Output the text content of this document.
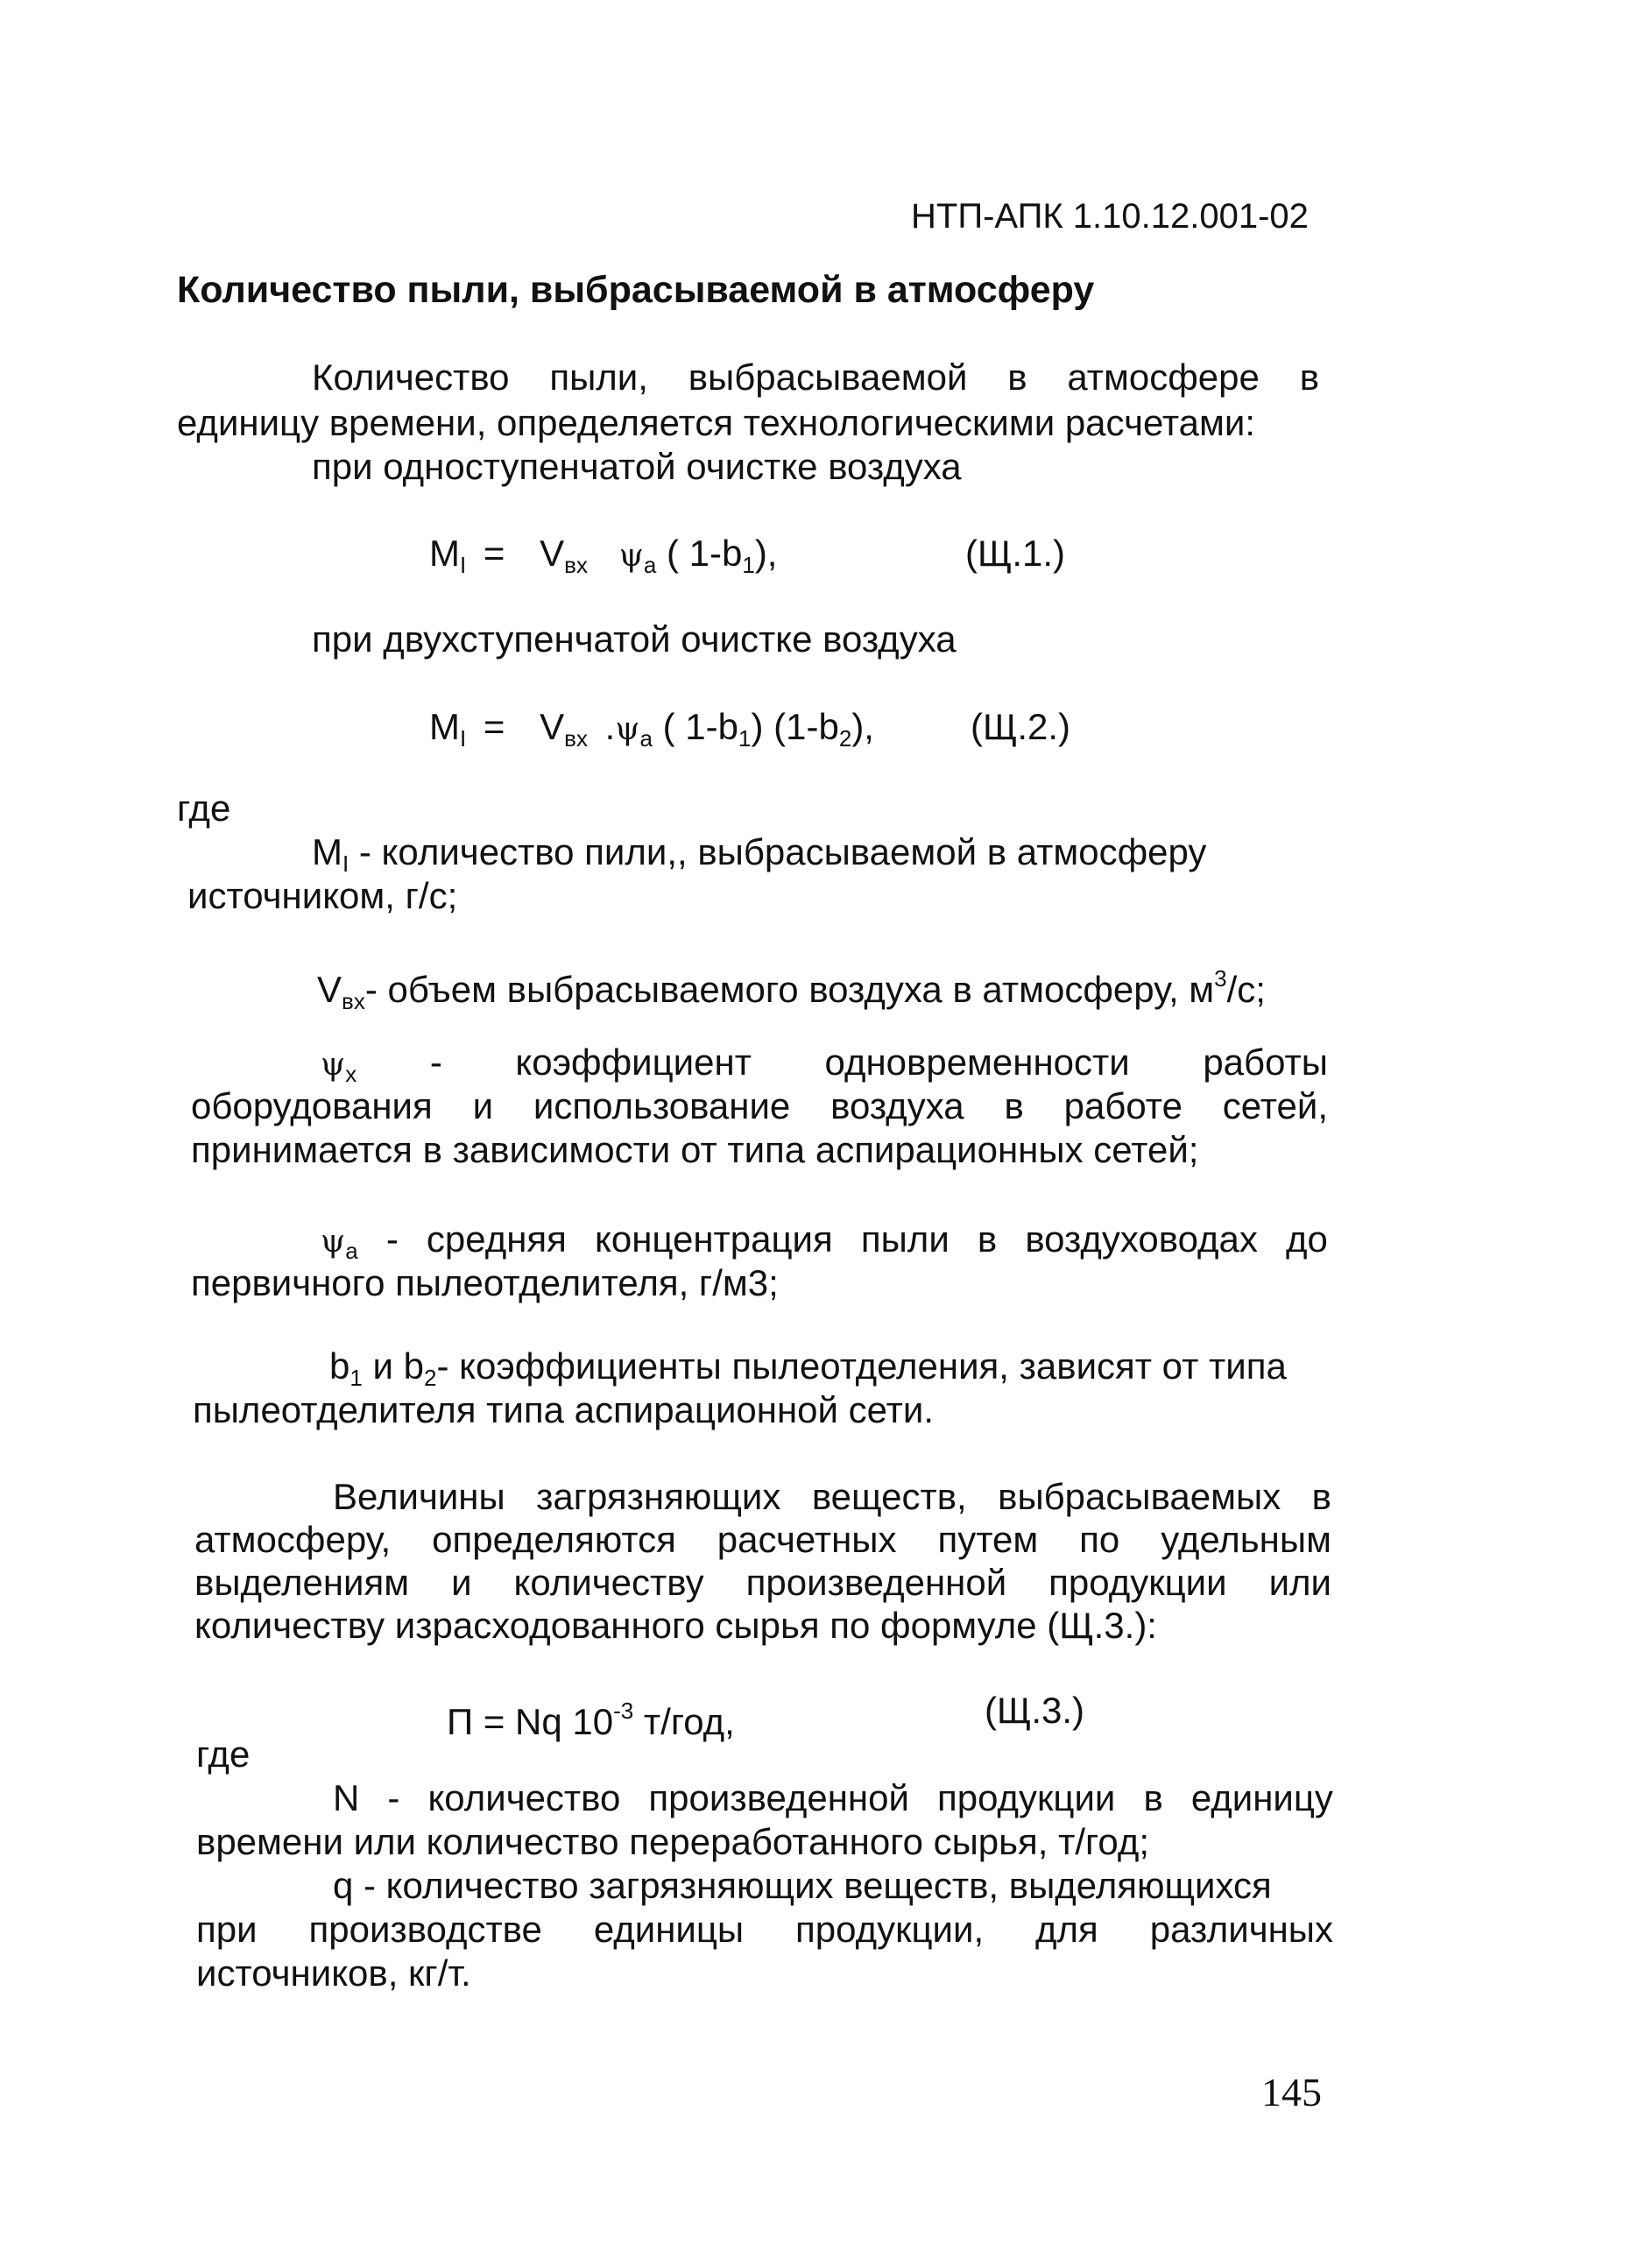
НТП-АПК 1.10.12.001-02
Количество пыли, выбрасываемой в атмосферу
Количество пыли, выбрасываемой в атмосфере в
единицу времени, определяется технологическими расчетами:
при одноступенчатой очистке воздуха
$M_I = V_{вх}$ $\psi_a$ ( $1-b_1$),	(Щ.1.)
при двухступенчатой очистке воздуха
$M_I = V_{вх}$ $.\psi_a$ ( $1-b_1$) $(1-b_2)$,	(Щ.2.)
где
$M_I$ - количество пили,, выбрасываемой в атмосферу
источником, г/с;
$V_{вх}-$ объем выбрасываемого воздуха в атмосферу, $м^3/с$;
$\psi_x$ - коэффициент одновременности работы
оборудования и использование воздуха в работе сетей,
принимается в зависимости от типа аспирационных сетей;
$\psi_a$ - средняя концентрация пыли в воздуховодах до
первичного пылеотделителя, г/м3;
$b_1$ и $b_2-$ коэффициенты пылеотделения, зависят от типа
пылеотделителя типа аспирационной сети.
Величины загрязняющих веществ, выбрасываемых в
атмосферу, определяются расчетных путем по удельным
выделениям и количеству произведенной продукции или
количеству израсходованного сырья по формуле (Щ.3.):
П = Nq $10^{-3}$ т/год,	(Щ.3.)
где
N - количество произведенной продукции в единицу
времени или количество переработанного сырья, т/год;
q - количество загрязняющих веществ, выделяющихся
при производстве единицы продукции, для различных
источников, кг/т.
145
